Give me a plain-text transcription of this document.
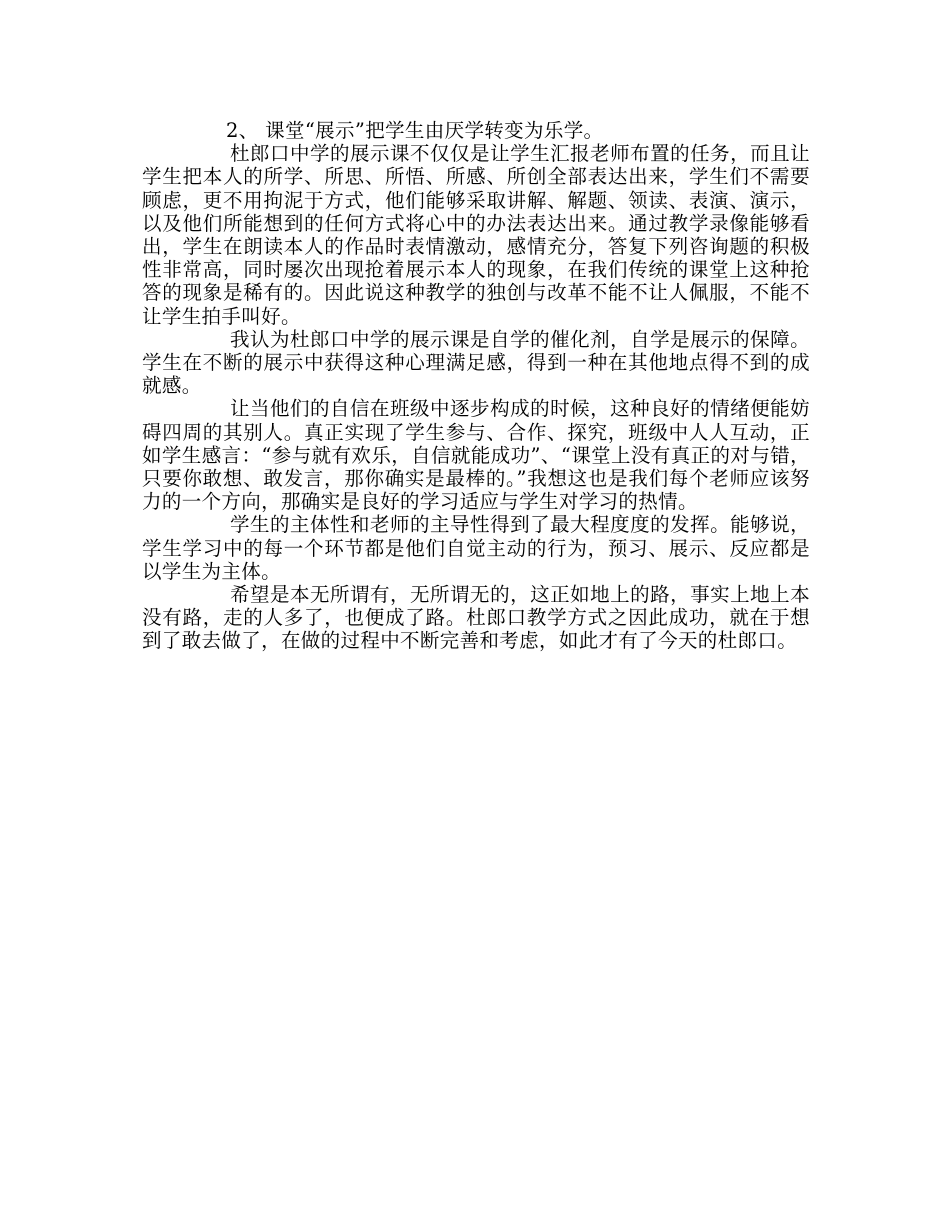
2、 课堂“展示”把学生由厌学转变为乐学。

杜郎口中学的展示课不仅仅是让学生汇报老师布置的任务，而且让学生把本人的所学、所思、所悟、所感、所创全部表达出来，学生们不需要顾虑，更不用拘泥于方式，他们能够采取讲解、解题、领读、表演、演示，以及他们所能想到的任何方式将心中的办法表达出来。通过教学录像能够看出，学生在朗读本人的作品时表情激动，感情充分，答复下列咨询题的积极性非常高，同时屡次出现抢着展示本人的现象，在我们传统的课堂上这种抢答的现象是稀有的。因此说这种教学的独创与改革不能不让人佩服，不能不让学生拍手叫好。

我认为杜郎口中学的展示课是自学的催化剂，自学是展示的保障。学生在不断的展示中获得这种心理满足感，得到一种在其他地点得不到的成就感。

让当他们的自信在班级中逐步构成的时候，这种良好的情绪便能妨碍四周的其别人。真正实现了学生参与、合作、探究，班级中人人互动，正如学生感言：“参与就有欢乐，自信就能成功”、“课堂上没有真正的对与错，只要你敢想、敢发言，那你确实是最棒的。”我想这也是我们每个老师应该努力的一个方向，那确实是良好的学习适应与学生对学习的热情。

学生的主体性和老师的主导性得到了最大程度度的发挥。能够说，学生学习中的每一个环节都是他们自觉主动的行为，预习、展示、反应都是以学生为主体。

希望是本无所谓有，无所谓无的，这正如地上的路，事实上地上本没有路，走的人多了，也便成了路。杜郎口教学方式之因此成功，就在于想到了敢去做了，在做的过程中不断完善和考虑，如此才有了今天的杜郎口。
